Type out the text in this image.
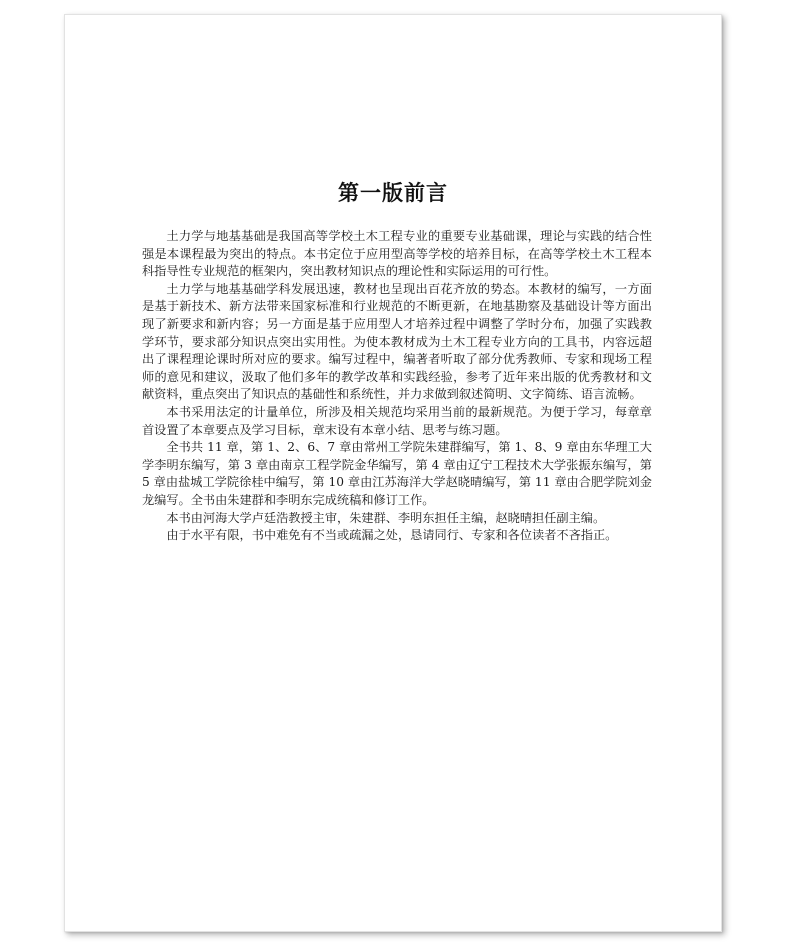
第一版前言

土力学与地基基础是我国高等学校土木工程专业的重要专业基础课，理论与实践的结合性强是本课程最为突出的特点。本书定位于应用型高等学校的培养目标，在高等学校土木工程本科指导性专业规范的框架内，突出教材知识点的理论性和实际运用的可行性。

土力学与地基基础学科发展迅速，教材也呈现出百花齐放的势态。本教材的编写，一方面是基于新技术、新方法带来国家标准和行业规范的不断更新，在地基勘察及基础设计等方面出现了新要求和新内容；另一方面是基于应用型人才培养过程中调整了学时分布，加强了实践教学环节，要求部分知识点突出实用性。为使本教材成为土木工程专业方向的工具书，内容远超出了课程理论课时所对应的要求。编写过程中，编著者听取了部分优秀教师、专家和现场工程师的意见和建议，汲取了他们多年的教学改革和实践经验，参考了近年来出版的优秀教材和文献资料，重点突出了知识点的基础性和系统性，并力求做到叙述简明、文字简练、语言流畅。

本书采用法定的计量单位，所涉及相关规范均采用当前的最新规范。为便于学习，每章章首设置了本章要点及学习目标，章末设有本章小结、思考与练习题。

全书共 11 章，第 1、2、6、7 章由常州工学院朱建群编写，第 1、8、9 章由东华理工大学李明东编写，第 3 章由南京工程学院金华编写，第 4 章由辽宁工程技术大学张振东编写，第 5 章由盐城工学院徐桂中编写，第 10 章由江苏海洋大学赵晓晴编写，第 11 章由合肥学院刘金龙编写。全书由朱建群和李明东完成统稿和修订工作。

本书由河海大学卢廷浩教授主审，朱建群、李明东担任主编，赵晓晴担任副主编。

由于水平有限，书中难免有不当或疏漏之处，恳请同行、专家和各位读者不吝指正。
